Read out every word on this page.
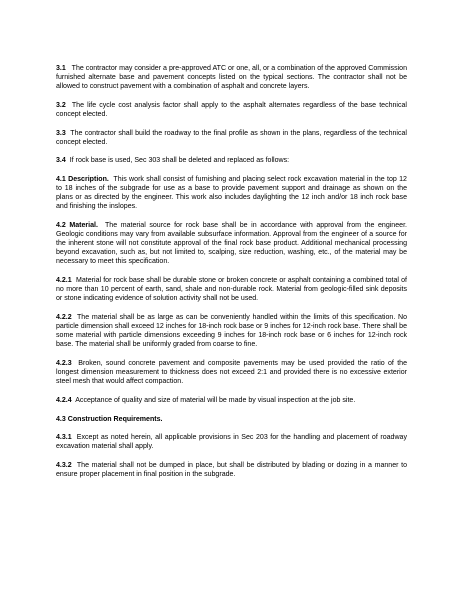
3.1 The contractor may consider a pre-approved ATC or one, all, or a combination of the approved Commission furnished alternate base and pavement concepts listed on the typical sections. The contractor shall not be allowed to construct pavement with a combination of asphalt and concrete layers.

3.2 The life cycle cost analysis factor shall apply to the asphalt alternates regardless of the base technical concept elected.

3.3 The contractor shall build the roadway to the final profile as shown in the plans, regardless of the technical concept elected.

3.4 If rock base is used, Sec 303 shall be deleted and replaced as follows:

4.1 Description. This work shall consist of furnishing and placing select rock excavation material in the top 12 to 18 inches of the subgrade for use as a base to provide pavement support and drainage as shown on the plans or as directed by the engineer. This work also includes daylighting the 12 inch and/or 18 inch rock base and finishing the inslopes.

4.2 Material. The material source for rock base shall be in accordance with approval from the engineer. Geologic conditions may vary from available subsurface information. Approval from the engineer of a source for the inherent stone will not constitute approval of the final rock base product. Additional mechanical processing beyond excavation, such as, but not limited to, scalping, size reduction, washing, etc., of the material may be necessary to meet this specification.

4.2.1 Material for rock base shall be durable stone or broken concrete or asphalt containing a combined total of no more than 10 percent of earth, sand, shale and non-durable rock. Material from geologic-filled sink deposits or stone indicating evidence of solution activity shall not be used.

4.2.2 The material shall be as large as can be conveniently handled within the limits of this specification. No particle dimension shall exceed 12 inches for 18-inch rock base or 9 inches for 12-inch rock base. There shall be some material with particle dimensions exceeding 9 inches for 18-inch rock base or 6 inches for 12-inch rock base. The material shall be uniformly graded from coarse to fine.

4.2.3 Broken, sound concrete pavement and composite pavements may be used provided the ratio of the longest dimension measurement to thickness does not exceed 2:1 and provided there is no excessive exterior steel mesh that would affect compaction.

4.2.4 Acceptance of quality and size of material will be made by visual inspection at the job site.

4.3 Construction Requirements.

4.3.1 Except as noted herein, all applicable provisions in Sec 203 for the handling and placement of roadway excavation material shall apply.

4.3.2 The material shall not be dumped in place, but shall be distributed by blading or dozing in a manner to ensure proper placement in final position in the subgrade.
